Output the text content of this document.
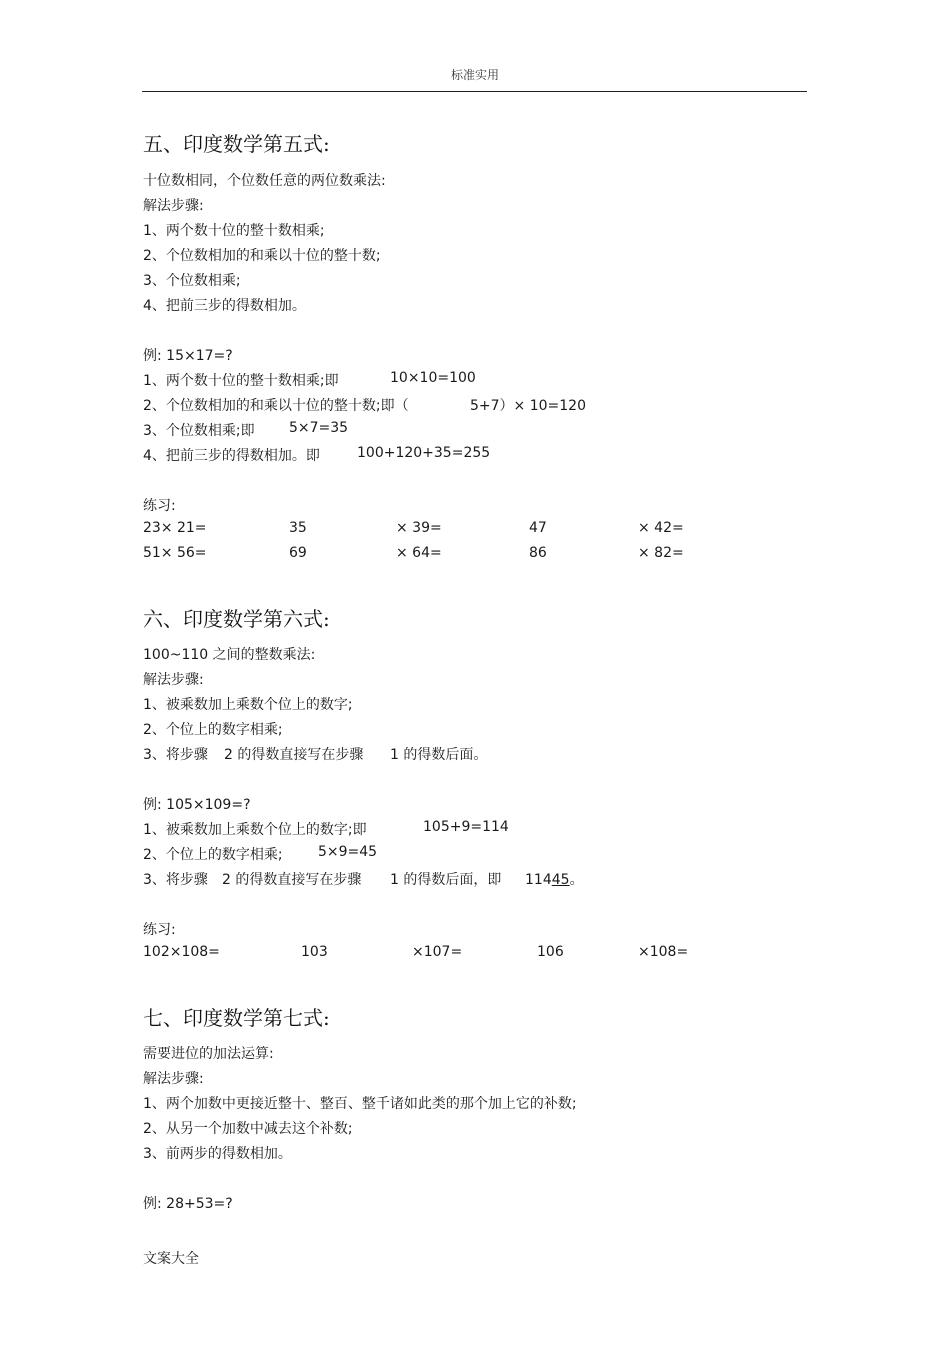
标准实用
五、印度数学第五式:
十位数相同，个位数任意的两位数乘法:
解法步骤:
1、两个数十位的整十数相乘;
2、个位数相加的和乘以十位的整十数;
3、个位数相乘;
4、把前三步的得数相加。
例: 15×17=?
1、两个数十位的整十数相乘;即	10×10=100
2、个位数相加的和乘以十位的整十数;即（	5+7）× 10=120
3、个位数相乘;即 5×7=35
4、把前三步的得数相加。即	100+120+35=255
练习:
23× 21=	35	× 39=	47	× 42=
51× 56=	69	× 64=	86	× 82=
六、印度数学第六式:
100~110 之间的整数乘法:
解法步骤:
1、被乘数加上乘数个位上的数字;
2、个位上的数字相乘;
3、将步骤 2 的得数直接写在步骤 1 的得数后面。
例: 105×109=?
1、被乘数加上乘数个位上的数字;即	105+9=114
2、个位上的数字相乘;	5×9=45
3、将步骤 2 的得数直接写在步骤 1 的得数后面，即 11445。
练习:
102×108=	103	×107=	106	×108=
七、印度数学第七式:
需要进位的加法运算:
解法步骤:
1、两个加数中更接近整十、整百、整千诸如此类的那个加上它的补数;
2、从另一个加数中减去这个补数;
3、前两步的得数相加。
例: 28+53=?
文案大全
